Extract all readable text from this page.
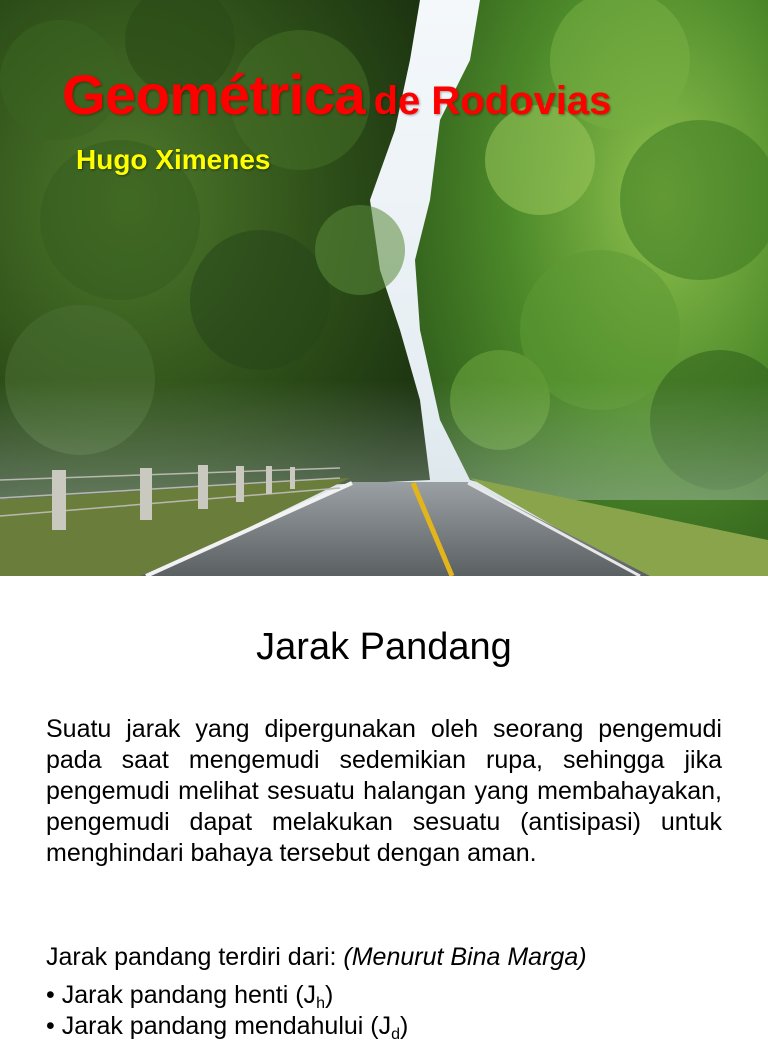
Geométrica de Rodovias
Hugo Ximenes
Jarak Pandang

Suatu jarak yang dipergunakan oleh seorang pengemudi pada saat mengemudi sedemikian rupa, sehingga jika pengemudi melihat sesuatu halangan yang membahayakan, pengemudi dapat melakukan sesuatu (antisipasi) untuk menghindari bahaya tersebut dengan aman.

Jarak pandang terdiri dari: (Menurut Bina Marga)

• Jarak pandang henti $(J_h)$
• Jarak pandang mendahului $(J_d)$
